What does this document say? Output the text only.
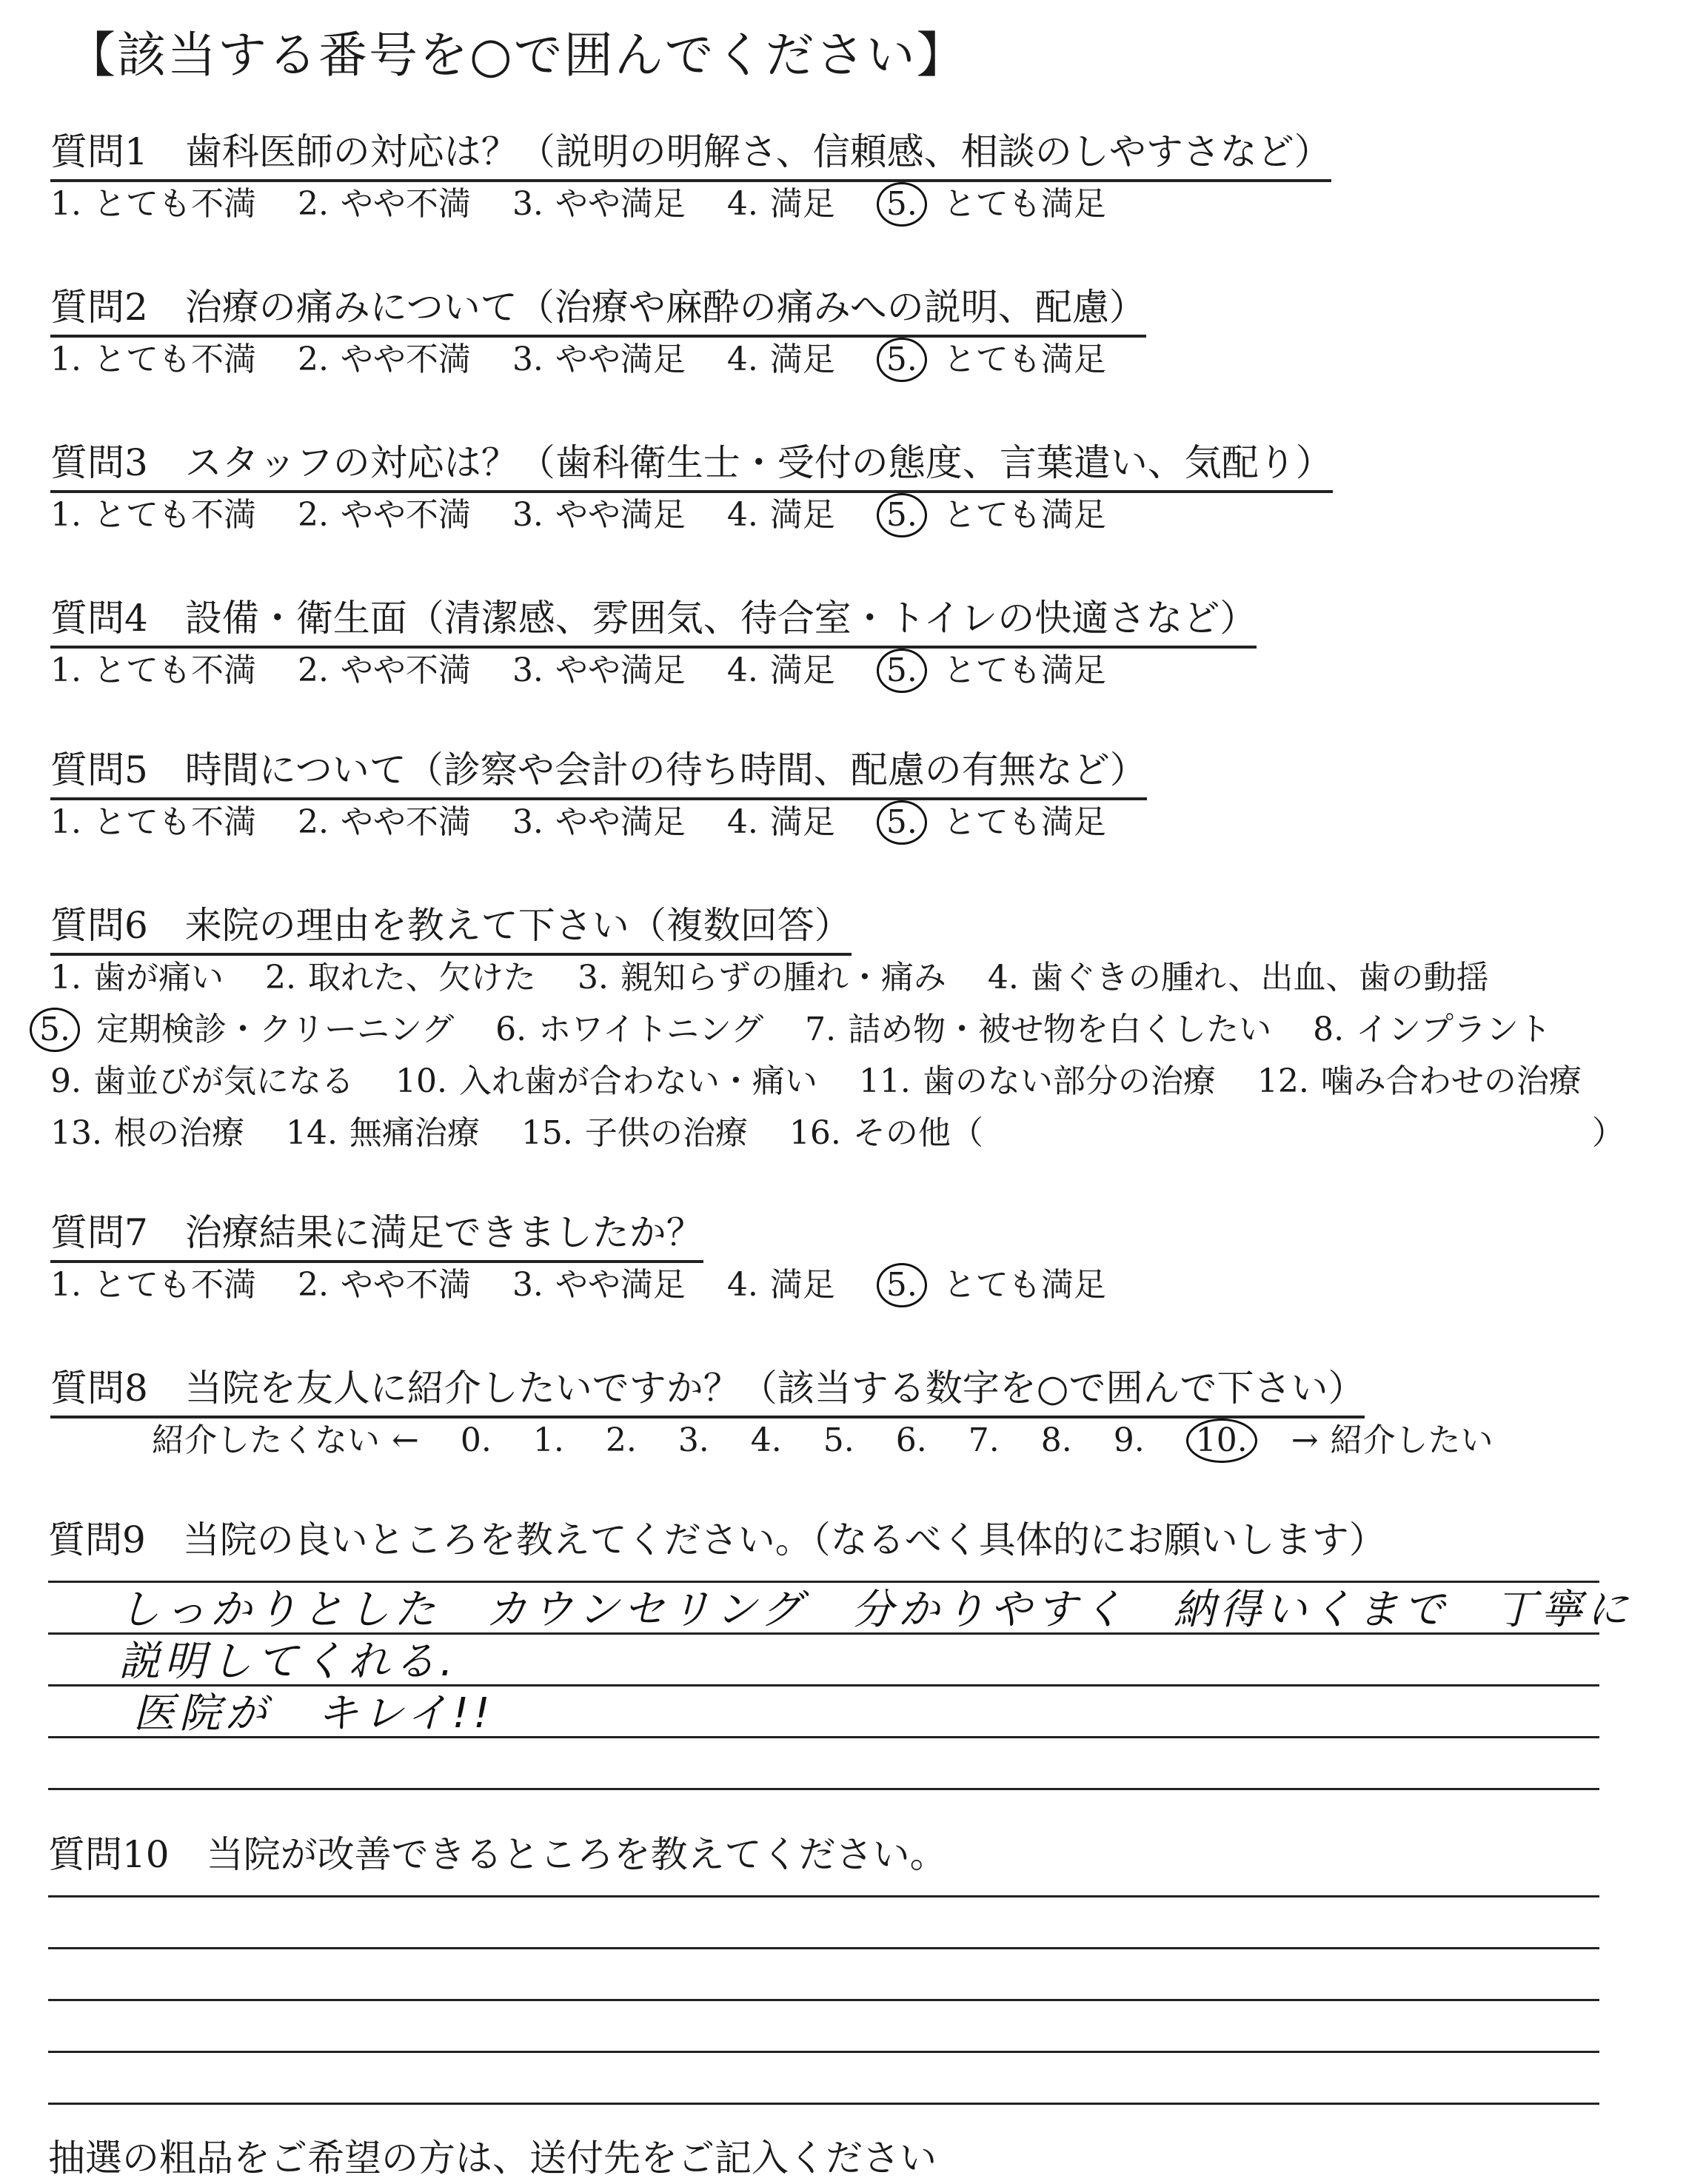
【該当する番号を○で囲んでください】
質問1　歯科医師の対応は？（説明の明解さ、信頼感、相談のしやすさなど）
1. とても不満 2. やや不満 3. やや満足 4. 満足 5. とても満足
質問2　治療の痛みについて（治療や麻酔の痛みへの説明、配慮）
1. とても不満 2. やや不満 3. やや満足 4. 満足 5. とても満足
質問3　スタッフの対応は？（歯科衛生士・受付の態度、言葉遣い、気配り）
1. とても不満 2. やや不満 3. やや満足 4. 満足 5. とても満足
質問4　設備・衛生面（清潔感、雰囲気、待合室・トイレの快適さなど）
1. とても不満 2. やや不満 3. やや満足 4. 満足 5. とても満足
質問5　時間について（診察や会計の待ち時間、配慮の有無など）
1. とても不満 2. やや不満 3. やや満足 4. 満足 5. とても満足
質問6　来院の理由を教えて下さい（複数回答）
1. 歯が痛い 2. 取れた、欠けた 3. 親知らずの腫れ・痛み 4. 歯ぐきの腫れ、出血、歯の動揺
5. 定期検診・クリーニング 6. ホワイトニング 7. 詰め物・被せ物を白くしたい 8. インプラント
9. 歯並びが気になる 10. 入れ歯が合わない・痛い 11. 歯のない部分の治療 12. 噛み合わせの治療
13. 根の治療 14. 無痛治療 15. 子供の治療 16. その他（	）
質問7　治療結果に満足できましたか？
1. とても不満 2. やや不満 3. やや満足 4. 満足 5. とても満足
質問8　当院を友人に紹介したいですか？（該当する数字を○で囲んで下さい）
紹介したくない ← 0. 1. 2. 3. 4. 5. 6. 7. 8. 9. 10. → 紹介したい
質問9　当院の良いところを教えてください。（なるべく具体的にお願いします）
しっかりとした　カウンセリング　分かりやすく　納得いくまで　丁寧に
説明してくれる.
医院が　キレイ!!
質問10　当院が改善できるところを教えてください。
抽選の粗品をご希望の方は、送付先をご記入ください
